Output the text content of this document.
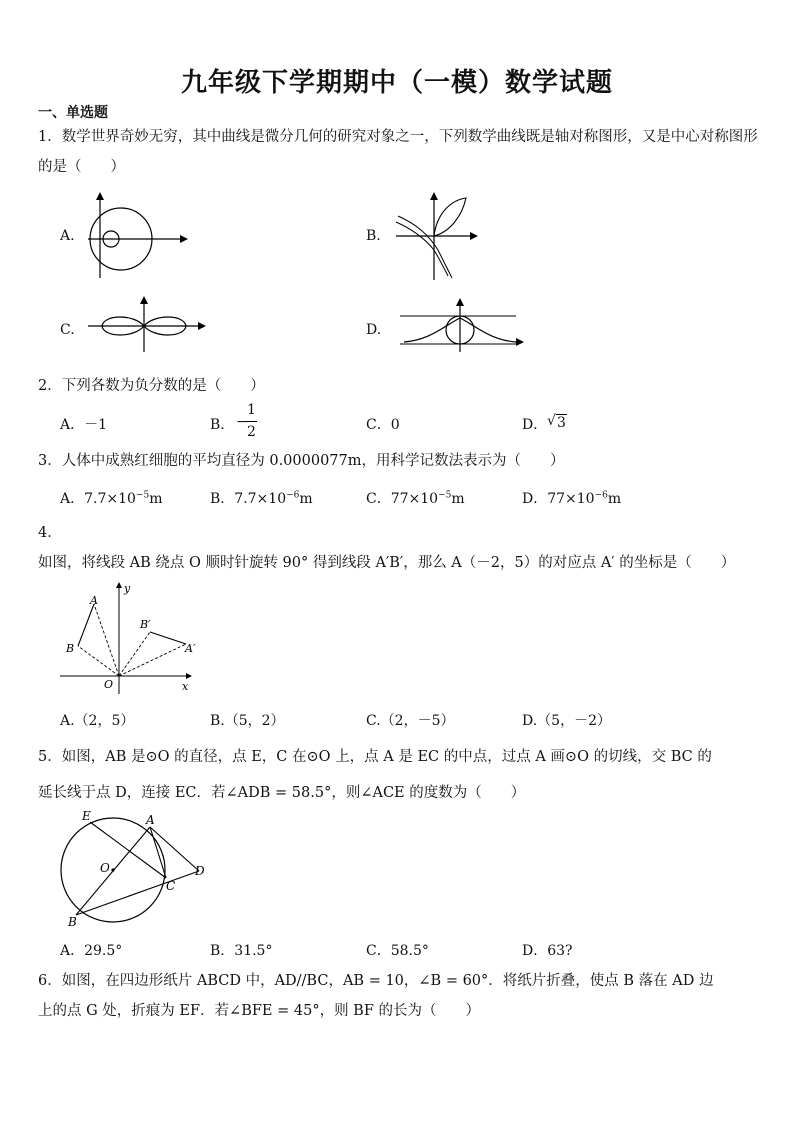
九年级下学期期中（一模）数学试题
一、单选题
1．数学世界奇妙无穷，其中曲线是微分几何的研究对象之一，下列数学曲线既是轴对称图形，又是中心对称图形的是（　　）
A.	B.
C.	D.
2．下列各数为负分数的是（　　）
A．－1	B． −
1
2	C．0	D． √ 3
3．人体中成熟红细胞的平均直径为 0.0000077m，用科学记数法表示为（　　）
A．$7.7\times 10^{-5}m$	B．$7.7\times 10^{-6}m$	C．$77\times 10^{-5}m$	D．$77\times 10^{-6}m$
4．如图，将线段 AB 绕点 O 顺时针旋转 90° 得到线段 A′B′，那么 A（－2，5）的对应点 A′ 的坐标是（　　）
A
B
B′
A′
O	x
y
A.（2，5）	B.（5，2）	C.（2，－5）	D.（5，－2）
5．如图，AB 是⊙O 的直径，点 E，C 在⊙O 上，点 A 是 EC 的中点，过点 A 画⊙O 的切线，交 BC 的
延长线于点 D，连接 EC．若∠ADB = 58.5°，则∠ACE 的度数为（　　）
E	A
O
C
D
B
A．29.5°	B．31.5°	C．58.5°	D．63?
6．如图，在四边形纸片 ABCD 中，AD//BC，AB = 10，∠B = 60°．将纸片折叠，使点 B 落在 AD 边
上的点 G 处，折痕为 EF．若∠BFE = 45°，则 BF 的长为（　　）
